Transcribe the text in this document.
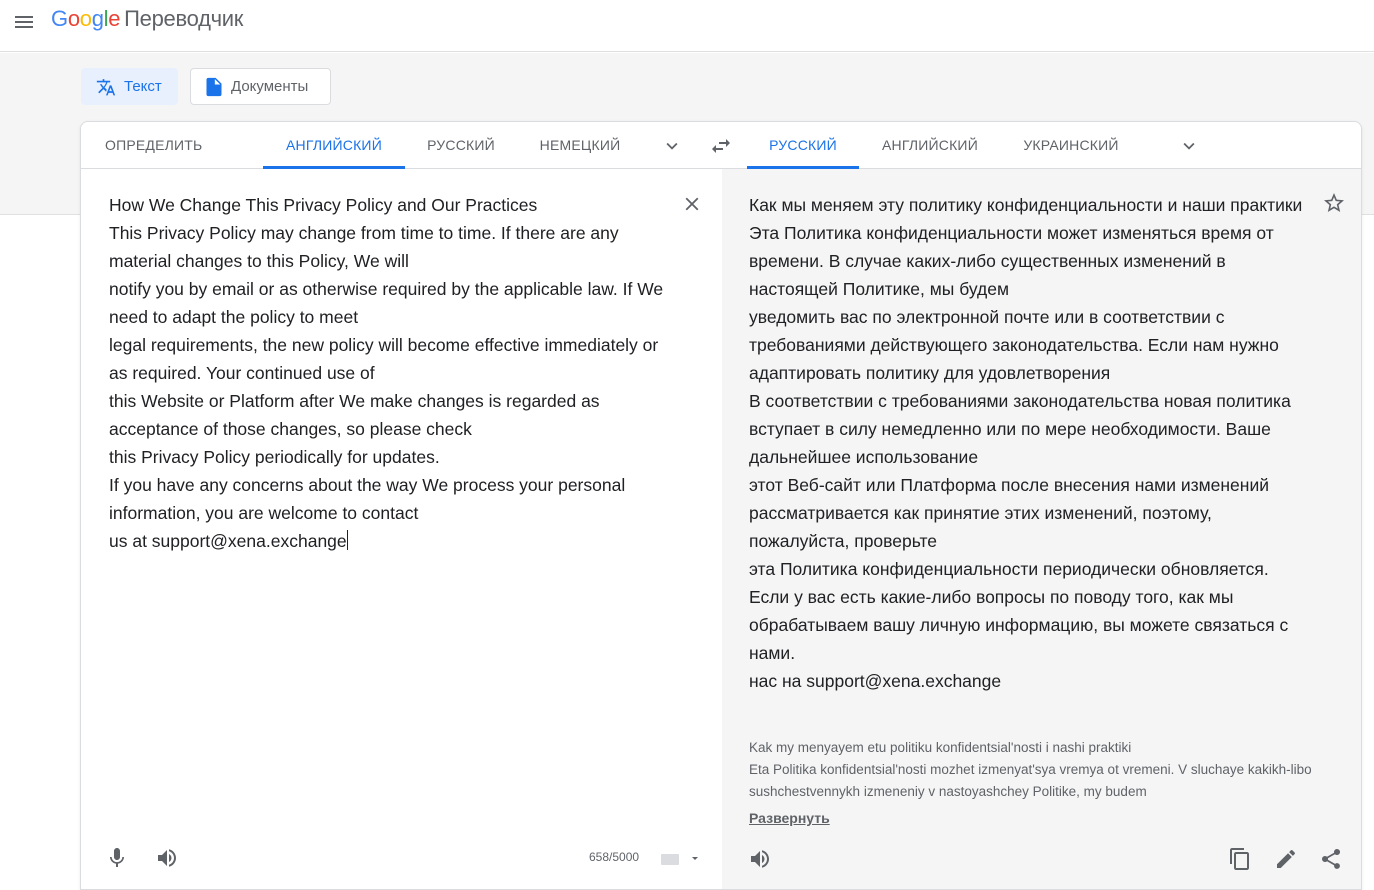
Google Переводчик
Текст	Документы
ОПРЕДЕЛИТЬ	АНГЛИЙСКИЙ	РУССКИЙ	НЕМЕЦКИЙ	РУССКИЙ	АНГЛИЙСКИЙ	УКРАИНСКИЙ
How We Change This Privacy Policy and Our Practices
This Privacy Policy may change from time to time. If there are any material changes to this Policy, We will
notify you by email or as otherwise required by the applicable law. If We need to adapt the policy to meet
legal requirements, the new policy will become effective immediately or as required. Your continued use of
this Website or Platform after We make changes is regarded as acceptance of those changes, so please check
this Privacy Policy periodically for updates.
If you have any concerns about the way We process your personal information, you are welcome to contact
us at support@xena.exchange
658/5000
Как мы меняем эту политику конфиденциальности и наши практики
Эта Политика конфиденциальности может изменяться время от времени. В случае каких-либо существенных изменений в настоящей Политике, мы будем
уведомить вас по электронной почте или в соответствии с требованиями действующего законодательства. Если нам нужно адаптировать политику для удовлетворения
В соответствии с требованиями законодательства новая политика вступает в силу немедленно или по мере необходимости. Ваше дальнейшее использование
этот Веб-сайт или Платформа после внесения нами изменений рассматривается как принятие этих изменений, поэтому, пожалуйста, проверьте
эта Политика конфиденциальности периодически обновляется.
Если у вас есть какие-либо вопросы по поводу того, как мы обрабатываем вашу личную информацию, вы можете связаться с нами.
нас на support@xena.exchange
Kak my menyayem etu politiku konfidentsial'nosti i nashi praktiki
Eta Politika konfidentsial'nosti mozhet izmenyat'sya vremya ot vremeni. V sluchaye kakikh-libo sushchestvennykh izmeneniy v nastoyashchey Politike, my budem
Развернуть
